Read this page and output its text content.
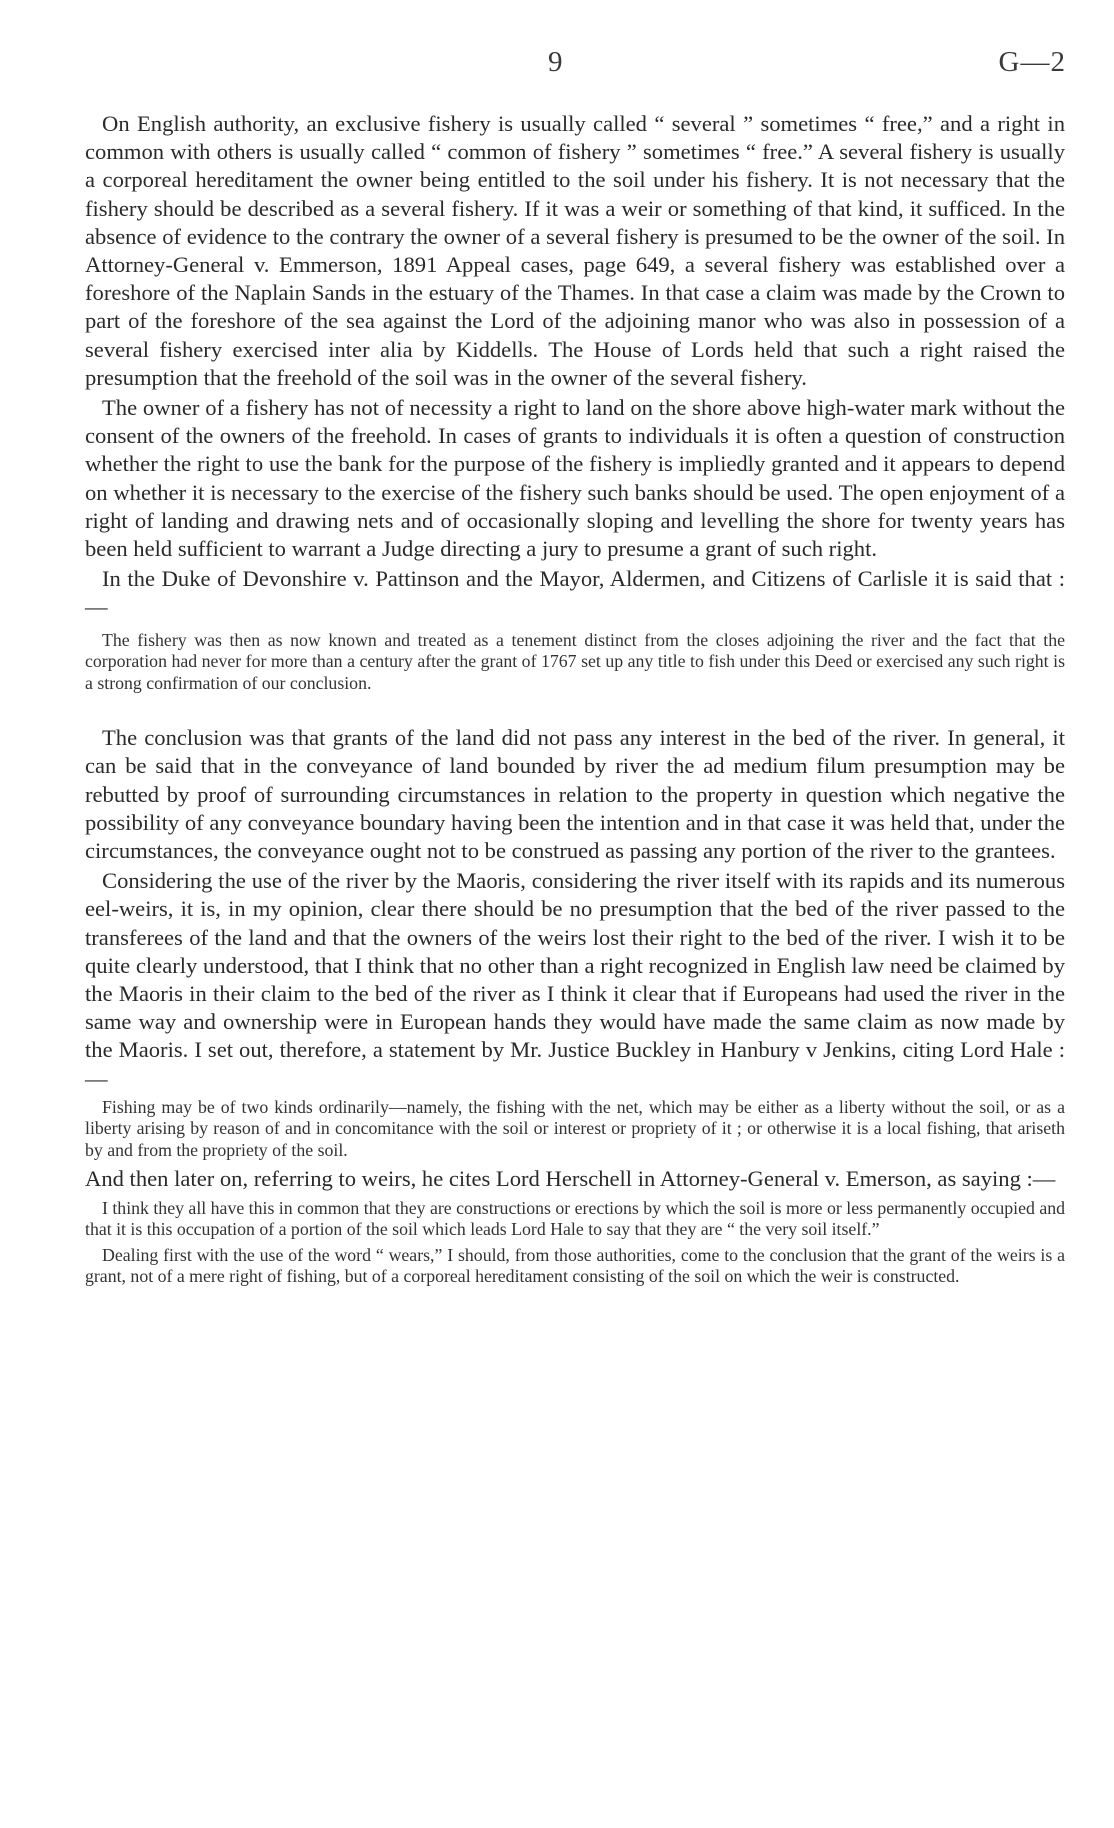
9	G—2

On English authority, an exclusive fishery is usually called “ several ” sometimes “ free,” and a right in common with others is usually called “ common of fishery ” sometimes “ free.” A several fishery is usually a corporeal hereditament the owner being entitled to the soil under his fishery. It is not necessary that the fishery should be described as a several fishery. If it was a weir or something of that kind, it sufficed. In the absence of evidence to the contrary the owner of a several fishery is presumed to be the owner of the soil. In Attorney-General v. Emmerson, 1891 Appeal cases, page 649, a several fishery was established over a foreshore of the Naplain Sands in the estuary of the Thames. In that case a claim was made by the Crown to part of the foreshore of the sea against the Lord of the adjoining manor who was also in possession of a several fishery exercised inter alia by Kiddells. The House of Lords held that such a right raised the presumption that the freehold of the soil was in the owner of the several fishery.

The owner of a fishery has not of necessity a right to land on the shore above high-water mark without the consent of the owners of the freehold. In cases of grants to individuals it is often a question of construction whether the right to use the bank for the purpose of the fishery is impliedly granted and it appears to depend on whether it is necessary to the exercise of the fishery such banks should be used. The open enjoyment of a right of landing and drawing nets and of occasionally sloping and levelling the shore for twenty years has been held sufficient to warrant a Judge directing a jury to presume a grant of such right.

In the Duke of Devonshire v. Pattinson and the Mayor, Aldermen, and Citizens of Carlisle it is said that :—

The fishery was then as now known and treated as a tenement distinct from the closes adjoining the river and the fact that the corporation had never for more than a century after the grant of 1767 set up any title to fish under this Deed or exercised any such right is a strong confirmation of our conclusion.

The conclusion was that grants of the land did not pass any interest in the bed of the river. In general, it can be said that in the conveyance of land bounded by river the ad medium filum presumption may be rebutted by proof of surrounding circumstances in relation to the property in question which negative the possibility of any conveyance boundary having been the intention and in that case it was held that, under the circumstances, the conveyance ought not to be construed as passing any portion of the river to the grantees.

Considering the use of the river by the Maoris, considering the river itself with its rapids and its numerous eel-weirs, it is, in my opinion, clear there should be no presumption that the bed of the river passed to the transferees of the land and that the owners of the weirs lost their right to the bed of the river. I wish it to be quite clearly understood, that I think that no other than a right recognized in English law need be claimed by the Maoris in their claim to the bed of the river as I think it clear that if Europeans had used the river in the same way and ownership were in European hands they would have made the same claim as now made by the Maoris. I set out, therefore, a statement by Mr. Justice Buckley in Hanbury v Jenkins, citing Lord Hale :—

Fishing may be of two kinds ordinarily—namely, the fishing with the net, which may be either as a liberty without the soil, or as a liberty arising by reason of and in concomitance with the soil or interest or propriety of it ; or otherwise it is a local fishing, that ariseth by and from the propriety of the soil.

And then later on, referring to weirs, he cites Lord Herschell in Attorney-General v. Emerson, as saying :—

I think they all have this in common that they are constructions or erections by which the soil is more or less permanently occupied and that it is this occupation of a portion of the soil which leads Lord Hale to say that they are “ the very soil itself.”

Dealing first with the use of the word “ wears,” I should, from those authorities, come to the conclusion that the grant of the weirs is a grant, not of a mere right of fishing, but of a corporeal hereditament consisting of the soil on which the weir is constructed.
